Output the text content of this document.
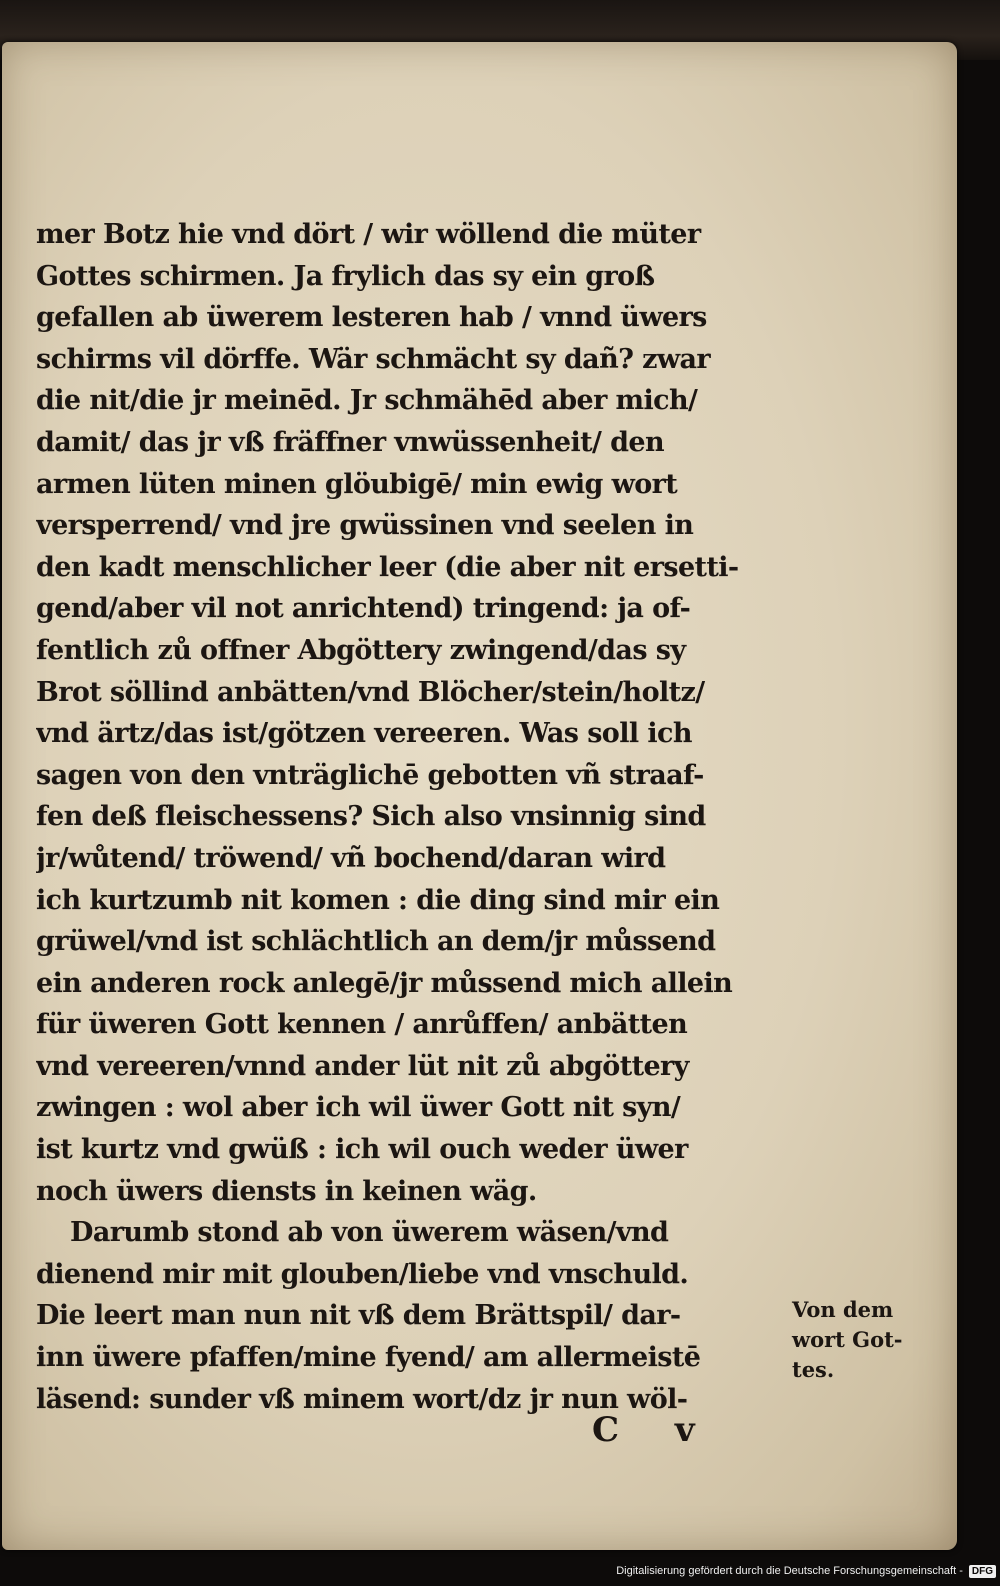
mer Botz hie vnd dört / wir wöllend die müter
Gottes schirmen. Ja frylich das sy ein groß
gefallen ab üwerem lesteren hab / vnnd üwers
schirms vil dörffe. Wär schmächt sy dañ? zwar
die nit/die jr meinēd. Jr schmähēd aber mich/
damit/ das jr vß fräffner vnwüssenheit/ den
armen lüten minen glöubigē/ min ewig wort
versperrend/ vnd jre gwüssinen vnd seelen in
den kadt menschlicher leer (die aber nit ersetti-
gend/aber vil not anrichtend) tringend: ja of-
fentlich zů offner Abgöttery zwingend/das sy
Brot söllind anbätten/vnd Blöcher/stein/holtz/
vnd ärtz/das ist/götzen vereeren. Was soll ich
sagen von den vnträglichē gebotten vñ straaf-
fen deß fleischessens? Sich also vnsinnig sind
jr/wůtend/ tröwend/ vñ bochend/daran wird
ich kurtzumb nit komen : die ding sind mir ein
grüwel/vnd ist schlächtlich an dem/jr můssend
ein anderen rock anlegē/jr můssend mich allein
für üweren Gott kennen / anrůffen/ anbätten
vnd vereeren/vnnd ander lüt nit zů abgöttery
zwingen : wol aber ich wil üwer Gott nit syn/
ist kurtz vnd gwüß : ich wil ouch weder üwer
noch üwers diensts in keinen wäg.
Darumb stond ab von üwerem wäsen/vnd
dienend mir mit glouben/liebe vnd vnschuld.
Die leert man nun nit vß dem Brättspil/ dar-
inn üwere pfaffen/mine fyend/ am allermeistē
läsend: sunder vß minem wort/dz jr nun wöl-
Von dem
wort Got-
tes.
C v
Digitalisierung gefördert durch die Deutsche Forschungsgemeinschaft - DFG
